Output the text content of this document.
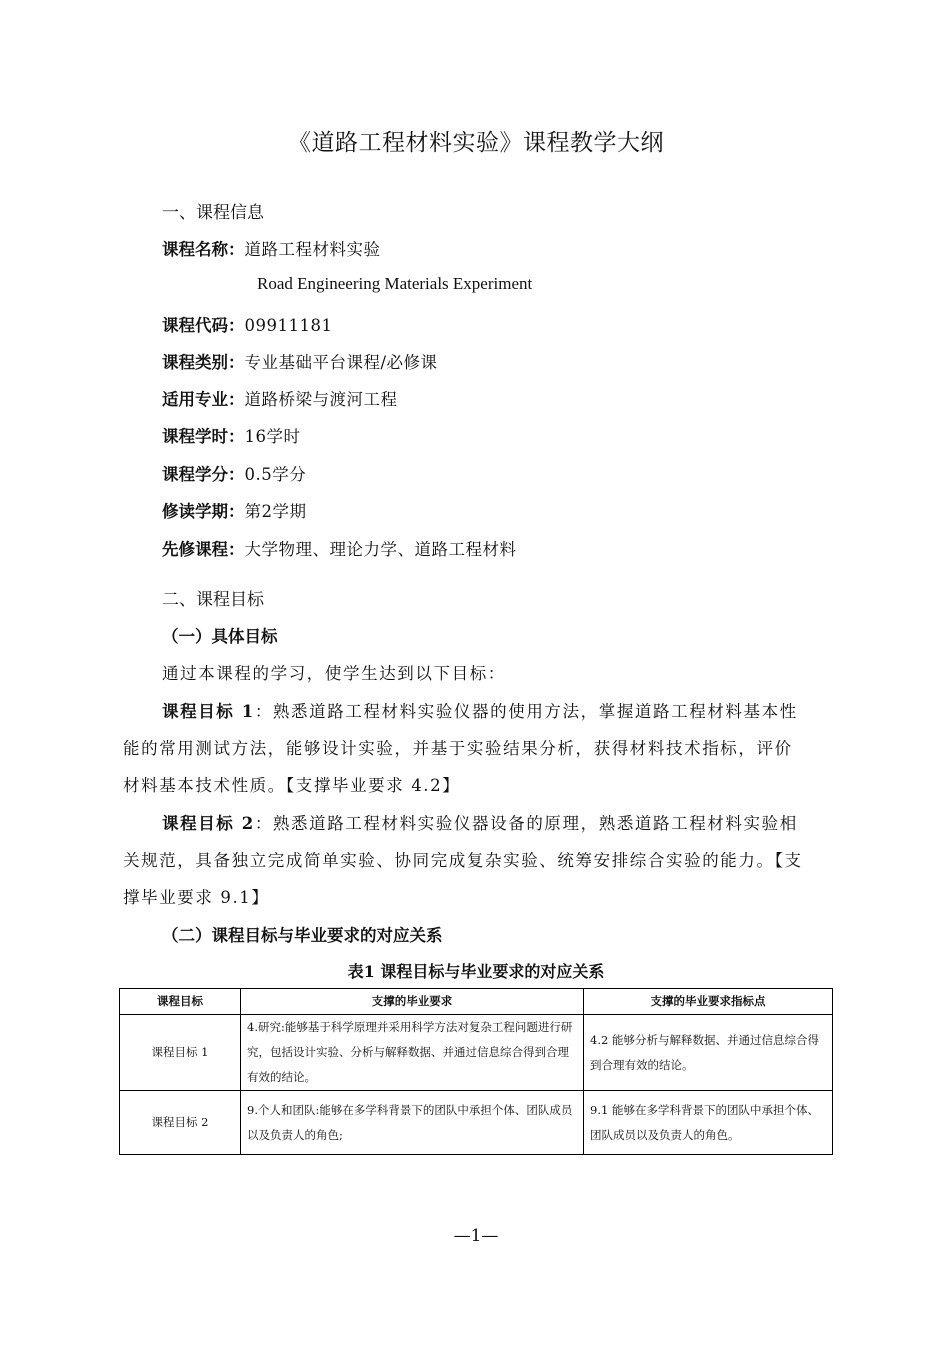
《道路工程材料实验》课程教学大纲
一、课程信息
课程名称：道路工程材料实验
Road Engineering Materials Experiment
课程代码：09911181
课程类别：专业基础平台课程/必修课
适用专业：道路桥梁与渡河工程
课程学时：16学时
课程学分：0.5学分
修读学期：第2学期
先修课程：大学物理、理论力学、道路工程材料
二、课程目标
（一）具体目标
通过本课程的学习，使学生达到以下目标：
课程目标 1：熟悉道路工程材料实验仪器的使用方法，掌握道路工程材料基本性
能的常用测试方法，能够设计实验，并基于实验结果分析，获得材料技术指标，评价
材料基本技术性质。【支撑毕业要求 4.2】
课程目标 2：熟悉道路工程材料实验仪器设备的原理，熟悉道路工程材料实验相
关规范，具备独立完成简单实验、协同完成复杂实验、统筹安排综合实验的能力。【支
撑毕业要求 9.1】
（二）课程目标与毕业要求的对应关系
表1 课程目标与毕业要求的对应关系
课程目标	支撑的毕业要求	支撑的毕业要求指标点
课程目标 1	4.研究:能够基于科学原理并采用科学方法对复杂工程问题进行研究，包括设计实验、分析与解释数据、并通过信息综合得到合理有效的结论。	4.2 能够分析与解释数据、并通过信息综合得到合理有效的结论。
课程目标 2	9.个人和团队:能够在多学科背景下的团队中承担个体、团队成员以及负责人的角色;	9.1 能够在多学科背景下的团队中承担个体、团队成员以及负责人的角色。
—1—
